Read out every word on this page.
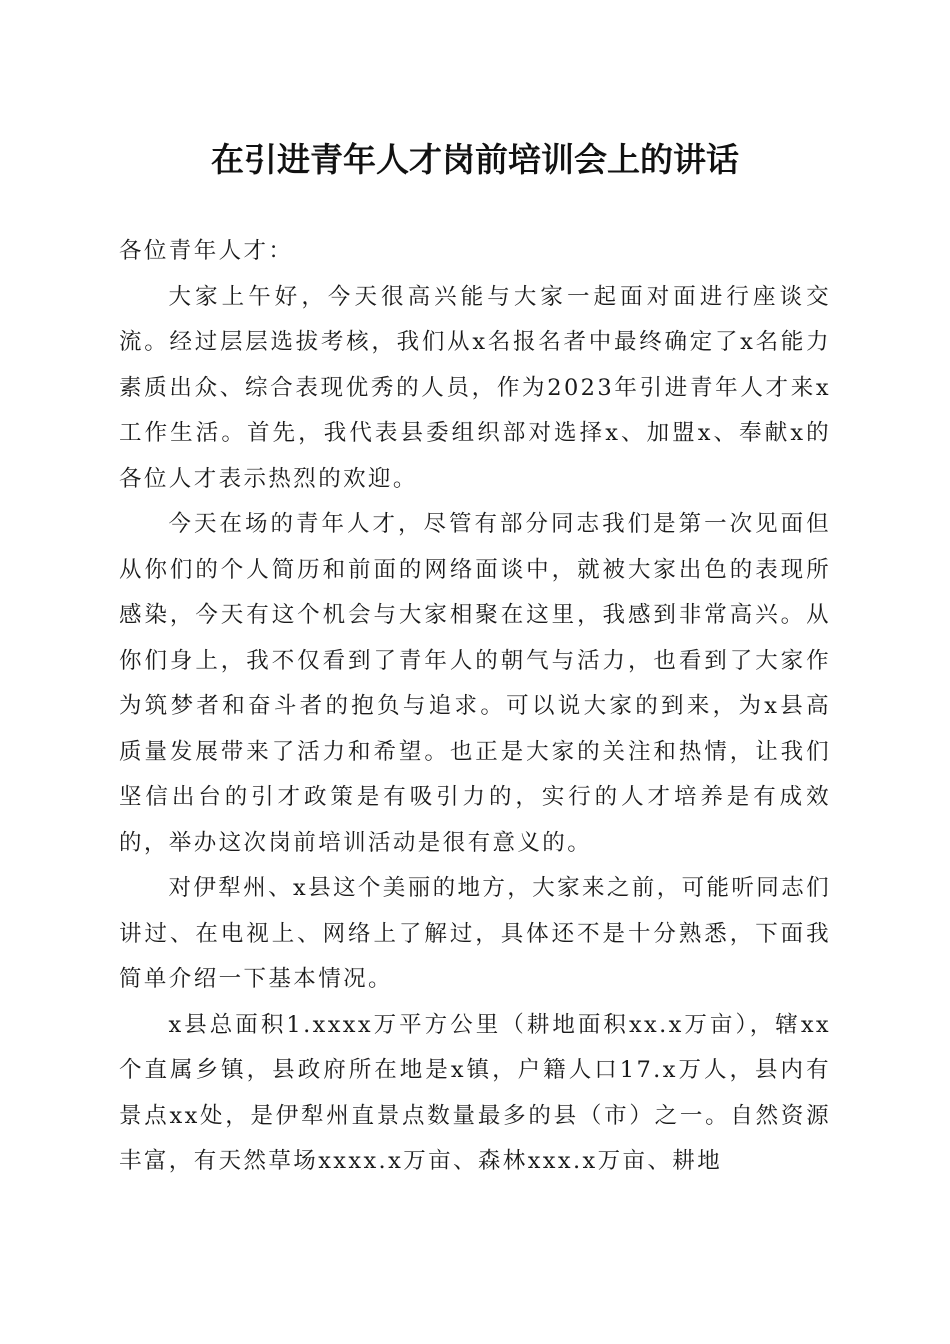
在引进青年人才岗前培训会上的讲话

各位青年人才：

大家上午好，今天很高兴能与大家一起面对面进行座谈交流。经过层层选拔考核，我们从x名报名者中最终确定了x名能力素质出众、综合表现优秀的人员，作为2023年引进青年人才来x工作生活。首先，我代表县委组织部对选择x、加盟x、奉献x的各位人才表示热烈的欢迎。

今天在场的青年人才，尽管有部分同志我们是第一次见面但从你们的个人简历和前面的网络面谈中，就被大家出色的表现所感染，今天有这个机会与大家相聚在这里，我感到非常高兴。从你们身上，我不仅看到了青年人的朝气与活力，也看到了大家作为筑梦者和奋斗者的抱负与追求。可以说大家的到来，为x县高质量发展带来了活力和希望。也正是大家的关注和热情，让我们坚信出台的引才政策是有吸引力的，实行的人才培养是有成效的，举办这次岗前培训活动是很有意义的。

对伊犁州、x县这个美丽的地方，大家来之前，可能听同志们讲过、在电视上、网络上了解过，具体还不是十分熟悉，下面我简单介绍一下基本情况。

x县总面积1.xxxx万平方公里（耕地面积xx.x万亩），辖xx个直属乡镇，县政府所在地是x镇，户籍人口17.x万人，县内有景点xx处，是伊犁州直景点数量最多的县（市）之一。自然资源丰富，有天然草场xxxx.x万亩、森林xxx.x万亩、耕地
